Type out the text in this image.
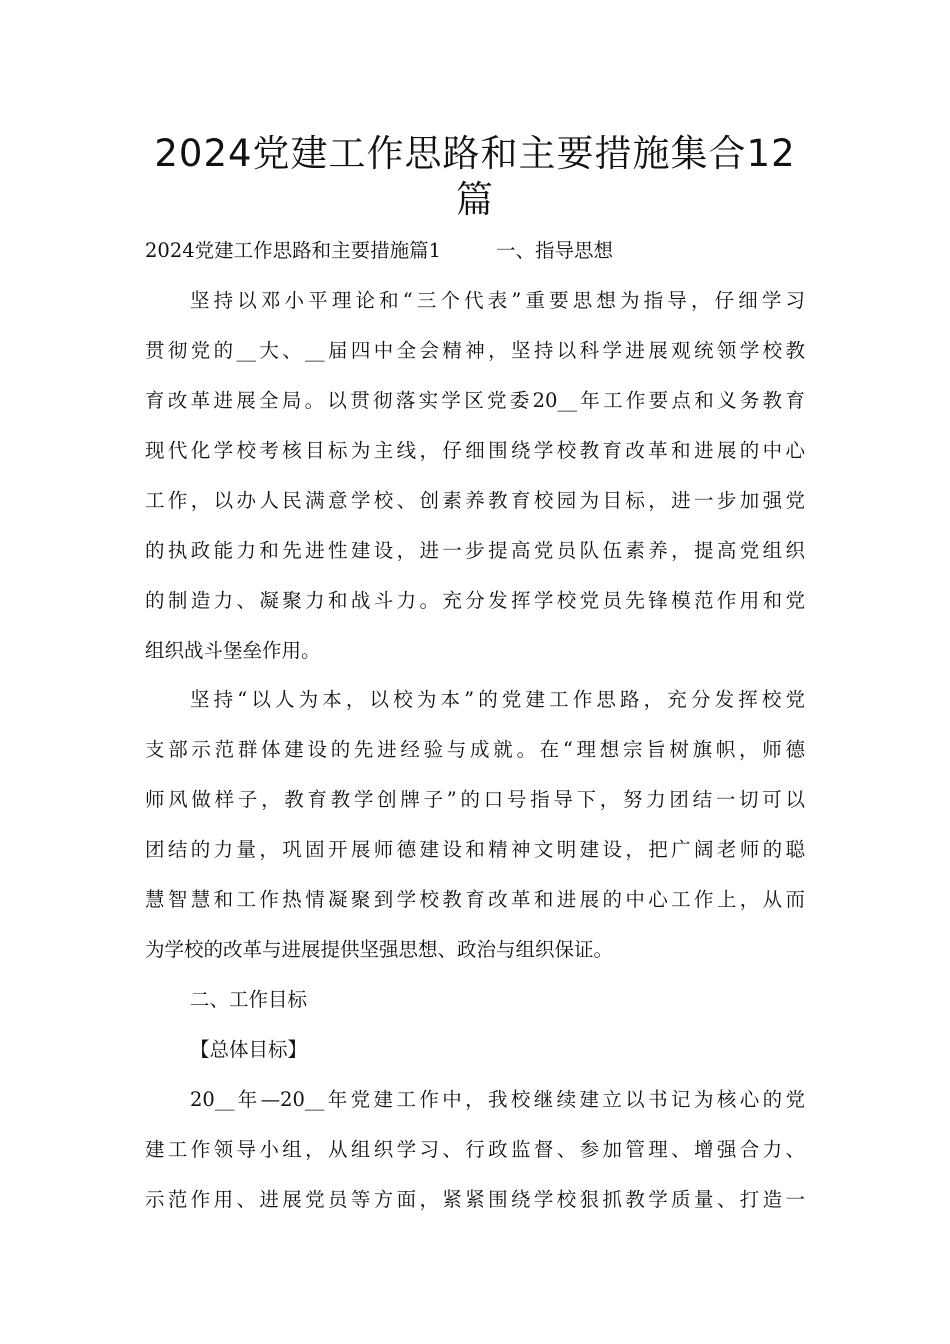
2024党建工作思路和主要措施集合12
篇

2024党建工作思路和主要措施篇1	一、指导思想

坚持以邓小平理论和“三个代表”重要思想为指导，仔细学习

贯彻党的__大、__届四中全会精神，坚持以科学进展观统领学校教

育改革进展全局。以贯彻落实学区党委20__年工作要点和义务教育

现代化学校考核目标为主线，仔细围绕学校教育改革和进展的中心

工作，以办人民满意学校、创素养教育校园为目标，进一步加强党

的执政能力和先进性建设，进一步提高党员队伍素养，提高党组织

的制造力、凝聚力和战斗力。充分发挥学校党员先锋模范作用和党

组织战斗堡垒作用。

坚持“以人为本，以校为本”的党建工作思路，充分发挥校党

支部示范群体建设的先进经验与成就。在“理想宗旨树旗帜，师德

师风做样子，教育教学创牌子”的口号指导下，努力团结一切可以

团结的力量，巩固开展师德建设和精神文明建设，把广阔老师的聪

慧智慧和工作热情凝聚到学校教育改革和进展的中心工作上，从而

为学校的改革与进展提供坚强思想、政治与组织保证。

二、工作目标

【总体目标】

20__年—20__年党建工作中，我校继续建立以书记为核心的党

建工作领导小组，从组织学习、行政监督、参加管理、增强合力、

示范作用、进展党员等方面，紧紧围绕学校狠抓教学质量、打造一
